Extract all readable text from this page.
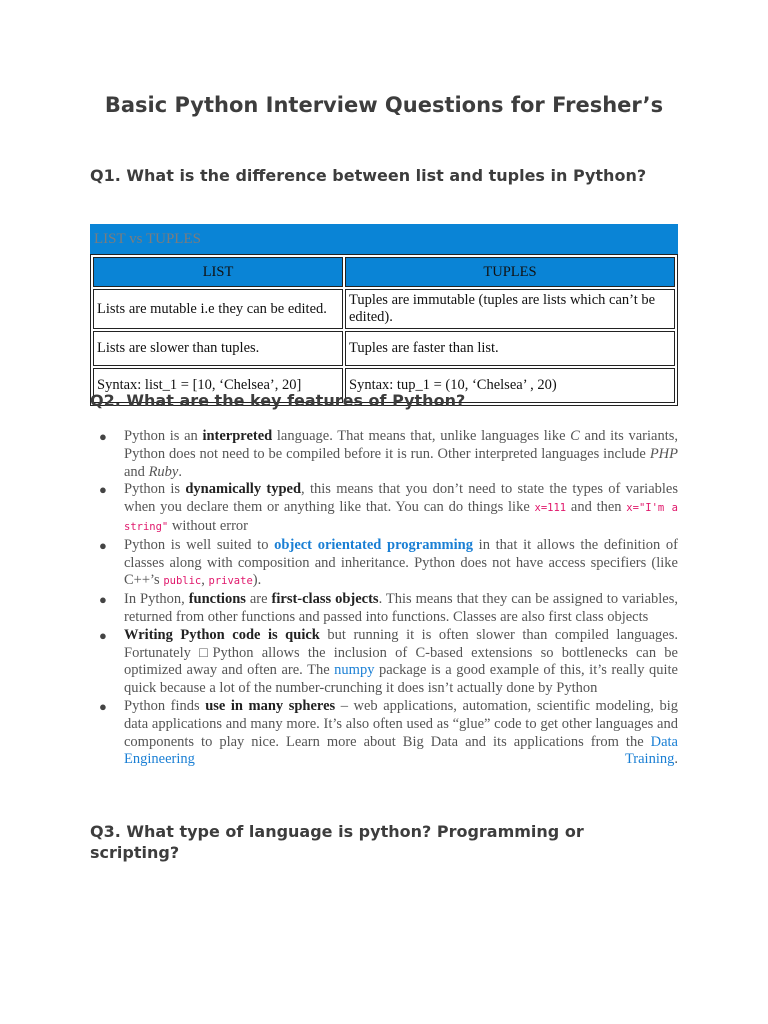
Basic Python Interview Questions for Fresher’s
Q1. What is the difference between list and tuples in Python?
LIST vs TUPLES
LIST	TUPLES
Lists are mutable i.e they can be edited.	Tuples are immutable (tuples are lists which can’t be edited).
Lists are slower than tuples.	Tuples are faster than list.
Syntax: list_1 = [10, ‘Chelsea’, 20]	Syntax: tup_1 = (10, ‘Chelsea’ , 20)
Q2. What are the key features of Python?
● Python is an interpreted language. That means that, unlike languages like C and its variants, Python does not need to be compiled before it is run. Other interpreted languages include PHP and Ruby.
● Python is dynamically typed, this means that you don’t need to state the types of variables when you declare them or anything like that. You can do things like x=111 and then x="I'm a string" without error
● Python is well suited to object orientated programming in that it allows the definition of classes along with composition and inheritance. Python does not have access specifiers (like C++’s public, private).
● In Python, functions are first-class objects. This means that they can be assigned to variables, returned from other functions and passed into functions. Classes are also first class objects
● Writing Python code is quick but running it is often slower than compiled languages. Fortunately □Python allows the inclusion of C-based extensions so bottlenecks can be optimized away and often are. The numpy package is a good example of this, it’s really quite quick because a lot of the number-crunching it does isn’t actually done by Python
● Python finds use in many spheres – web applications, automation, scientific modeling, big data applications and many more. It’s also often used as “glue” code to get other languages and components to play nice. Learn more about Big Data and its applications from the Data Engineering Training.
Q3. What type of language is python? Programming or scripting?
